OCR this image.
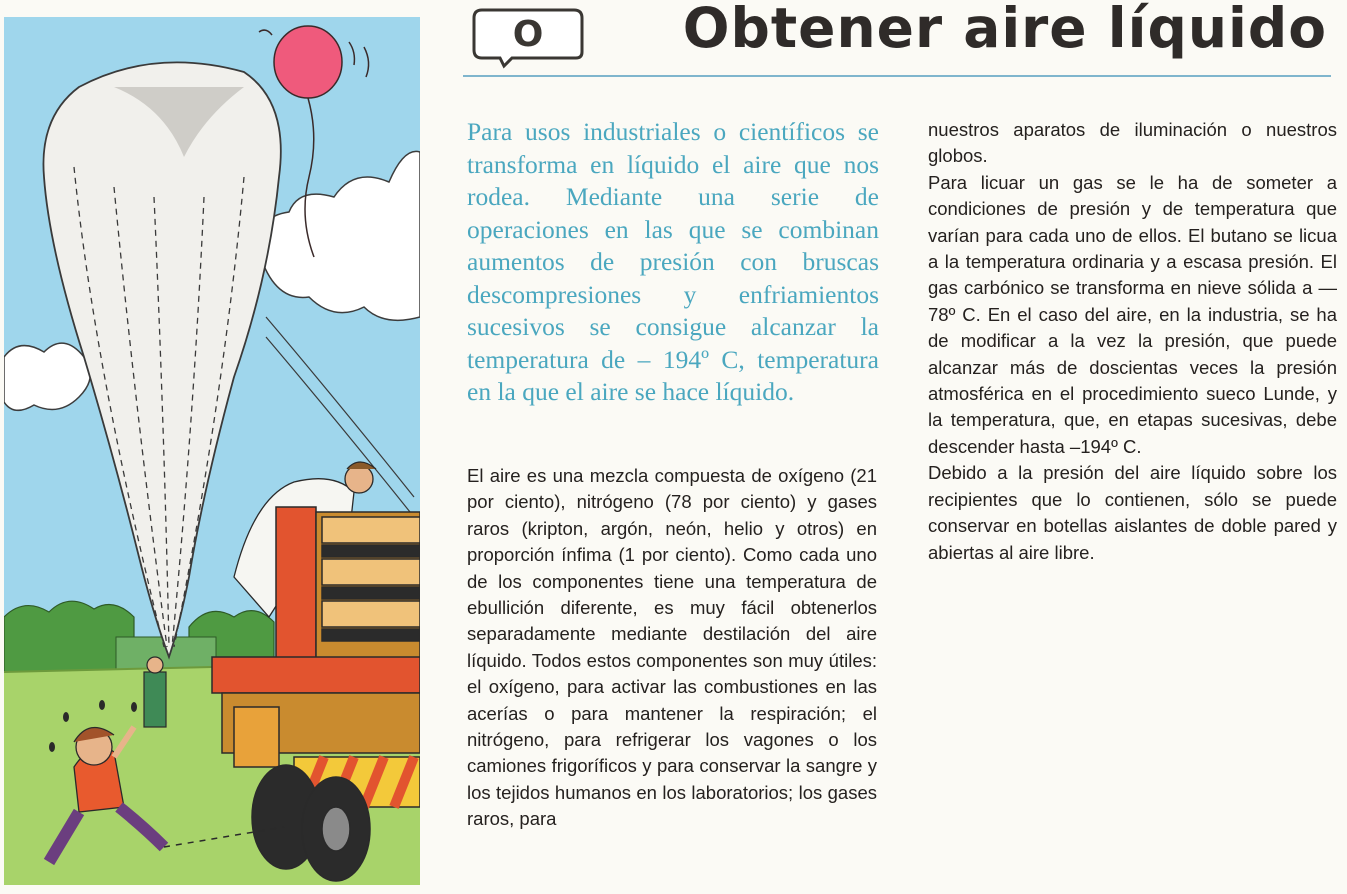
O	Obtener aire líquido

Para usos industriales o científicos se transforma en líquido el aire que nos rodea. Mediante una serie de operaciones en las que se combinan aumentos de presión con bruscas descompresiones y enfriamientos sucesivos se consigue alcanzar la temperatura de – 194º C, temperatura en la que el aire se hace líquido.

El aire es una mezcla compuesta de oxígeno (21 por ciento), nitrógeno (78 por ciento) y gases raros (kripton, argón, neón, helio y otros) en proporción ínfima (1 por ciento). Como cada uno de los componentes tiene una temperatura de ebullición diferente, es muy fácil obtenerlos separadamente mediante destilación del aire líquido. Todos estos componentes son muy útiles: el oxígeno, para activar las combustiones en las acerías o para mantener la respiración; el nitrógeno, para refrigerar los vagones o los camiones frigoríficos y para conservar la sangre y los tejidos humanos en los laboratorios; los gases raros, para

nuestros aparatos de iluminación o nuestros globos.

Para licuar un gas se le ha de someter a condiciones de presión y de temperatura que varían para cada uno de ellos. El butano se licua a la temperatura ordinaria y a escasa presión. El gas carbónico se transforma en nieve sólida a —78º C. En el caso del aire, en la industria, se ha de modificar a la vez la presión, que puede alcanzar más de doscientas veces la presión atmosférica en el procedimiento sueco Lunde, y la temperatura, que, en etapas sucesivas, debe descender hasta –194º C.

Debido a la presión del aire líquido sobre los recipientes que lo contienen, sólo se puede conservar en botellas aislantes de doble pared y abiertas al aire libre.
